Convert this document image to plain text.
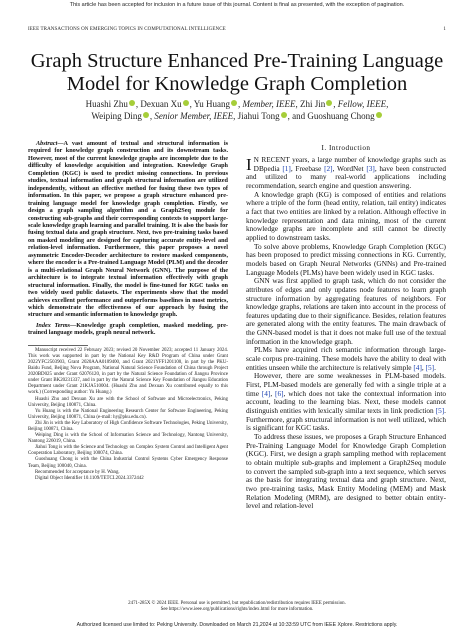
This article has been accepted for inclusion in a future issue of this journal. Content is final as presented, with the exception of pagination.
IEEE TRANSACTIONS ON EMERGING TOPICS IN COMPUTATIONAL INTELLIGENCE	1
Graph Structure Enhanced Pre-Training Language Model for Knowledge Graph Completion
Huashi Zhu , Dexuan Xu , Yu Huang , Member, IEEE, Zhi Jin , Fellow, IEEE,
Weiping Ding , Senior Member, IEEE, Jiahui Tong , and Guoshuang Chong

Abstract—A vast amount of textual and structural information is required for knowledge graph construction and its downstream tasks. However, most of the current knowledge graphs are incomplete due to the difficulty of knowledge acquisition and integration. Knowledge Graph Completion (KGC) is used to predict missing connections. In previous studies, textual information and graph structural information are utilized independently, without an effective method for fusing these two types of information. In this paper, we propose a graph structure enhanced pre-training language model for knowledge graph completion. Firstly, we design a graph sampling algorithm and a Graph2Seq module for constructing sub-graphs and their corresponding contexts to support large-scale knowledge graph learning and parallel training. It is also the basis for fusing textual data and graph structure. Next, two pre-training tasks based on masked modeling are designed for capturing accurate entity-level and relation-level information. Furthermore, this paper proposes a novel asymmetric Encoder-Decoder architecture to restore masked components, where the encoder is a Pre-trained Language Model (PLM) and the decoder is a multi-relational Graph Neural Network (GNN). The purpose of the architecture is to integrate textual information effectively with graph structural information. Finally, the model is fine-tuned for KGC tasks on two widely used public datasets. The experiments show that the model achieves excellent performance and outperforms baselines in most metrics, which demonstrate the effectiveness of our approach by fusing the structure and semantic information to knowledge graph.

Index Terms—Knowledge graph completion, masked modeling, pre-trained language models, graph neural network.

Manuscript received 22 February 2023; revised 20 November 2023; accepted 11 January 2024. This work was supported in part by the National Key R&D Program of China under Grant 2022YFC2503903, Grant 2020AAA0109400, and Grant 2021YFF1201100, in part by the PKU-Baidu Fund, Beijing Nova Program, National Natural Science Foundation of China through Project 2020BD025 under Grant 62076120, in part by the Natural Science Foundation of Jiangsu Province under Grant BK20231337, and in part by the Natural Science Key Foundation of Jiangsu Education Department under Grant 21KJA510004. (Huashi Zhu and Dexuan Xu contributed equally to this work.) (Corresponding author: Yu Huang.)

Huashi Zhu and Dexuan Xu are with the School of Software and Microelectronics, Peking University, Beijing 100871, China.

Yu Huang is with the National Engineering Research Center for Software Engineering, Peking University, Beijing 100871, China (e-mail: hy@pku.edu.cn).

Zhi Jin is with the Key Laboratory of High Confidence Software Technologies, Peking University, Beijing 100871, China.

Weiping Ding is with the School of Information Science and Technology, Nantong University, Nantong 226019, China.

Jiahui Tong is with the Science and Technology on Complex System Control and Intelligent Agent Cooperation Laboratory, Beijing 100074, China.

Guoshuang Chong is with the China Industrial Control Systems Cyber Emergency Response Team, Beijing 100040, China.

Recommended for acceptance by H. Wang.

Digital Object Identifier 10.1109/TETCI.2024.3372442

I. Introduction

I N RECENT years, a large number of knowledge graphs such as DBpedia [1], Freebase [2], WordNet [3], have been constructed and utilized to many real-world applications including recommendation, search engine and question answering.

A knowledge graph (KG) is composed of entities and relations where a triple of the form (head entity, relation, tail entity) indicates a fact that two entities are linked by a relation. Although effective in knowledge representation and data mining, most of the current knowledge graphs are incomplete and still cannot be directly applied to downstream tasks.

To solve above problems, Knowledge Graph Completion (KGC) has been proposed to predict missing connections in KG. Currently, models based on Graph Neural Networks (GNNs) and Pre-trained Language Models (PLMs) have been widely used in KGC tasks.

GNN was first applied to graph task, which do not consider the attributes of edges and only updates node features to learn graph structure information by aggregating features of neighbors. For knowledge graphs, relations are taken into account in the process of features updating due to their significance. Besides, relation features are generated along with the entity features. The main drawback of the GNN-based model is that it does not make full use of the textual information in the knowledge graph.

PLMs have acquired rich semantic information through large-scale corpus pre-training. These models have the ability to deal with entities unseen while the architecture is relatively simple [4], [5].

However, there are some weaknesses in PLM-based models. First, PLM-based models are generally fed with a single triple at a time [4], [6], which does not take the contextual information into account, leading to the learning bias. Next, these models cannot distinguish entities with lexically similar texts in link prediction [5]. Furthermore, graph structural information is not well utilized, which is significant for KGC tasks.

To address these issues, we proposes a Graph Structure Enhanced Pre-Training Language Model for Knowledge Graph Completion (KGC). First, we design a graph sampling method with replacement to obtain multiple sub-graphs and implement a Graph2Seq module to convert the sampled sub-graph into a text sequence, which serves as the basis for integrating textual data and graph structure. Next, two pre-training tasks, Mask Entity Modeling (MEM) and Mask Relation Modeling (MRM), are designed to better obtain entity-level and relation-level

2471-285X © 2024 IEEE. Personal use is permitted, but republication/redistribution requires IEEE permission.
See https://www.ieee.org/publications/rights/index.html for more information.
Authorized licensed use limited to: Peking University. Downloaded on March 21,2024 at 10:33:59 UTC from IEEE Xplore. Restrictions apply.
